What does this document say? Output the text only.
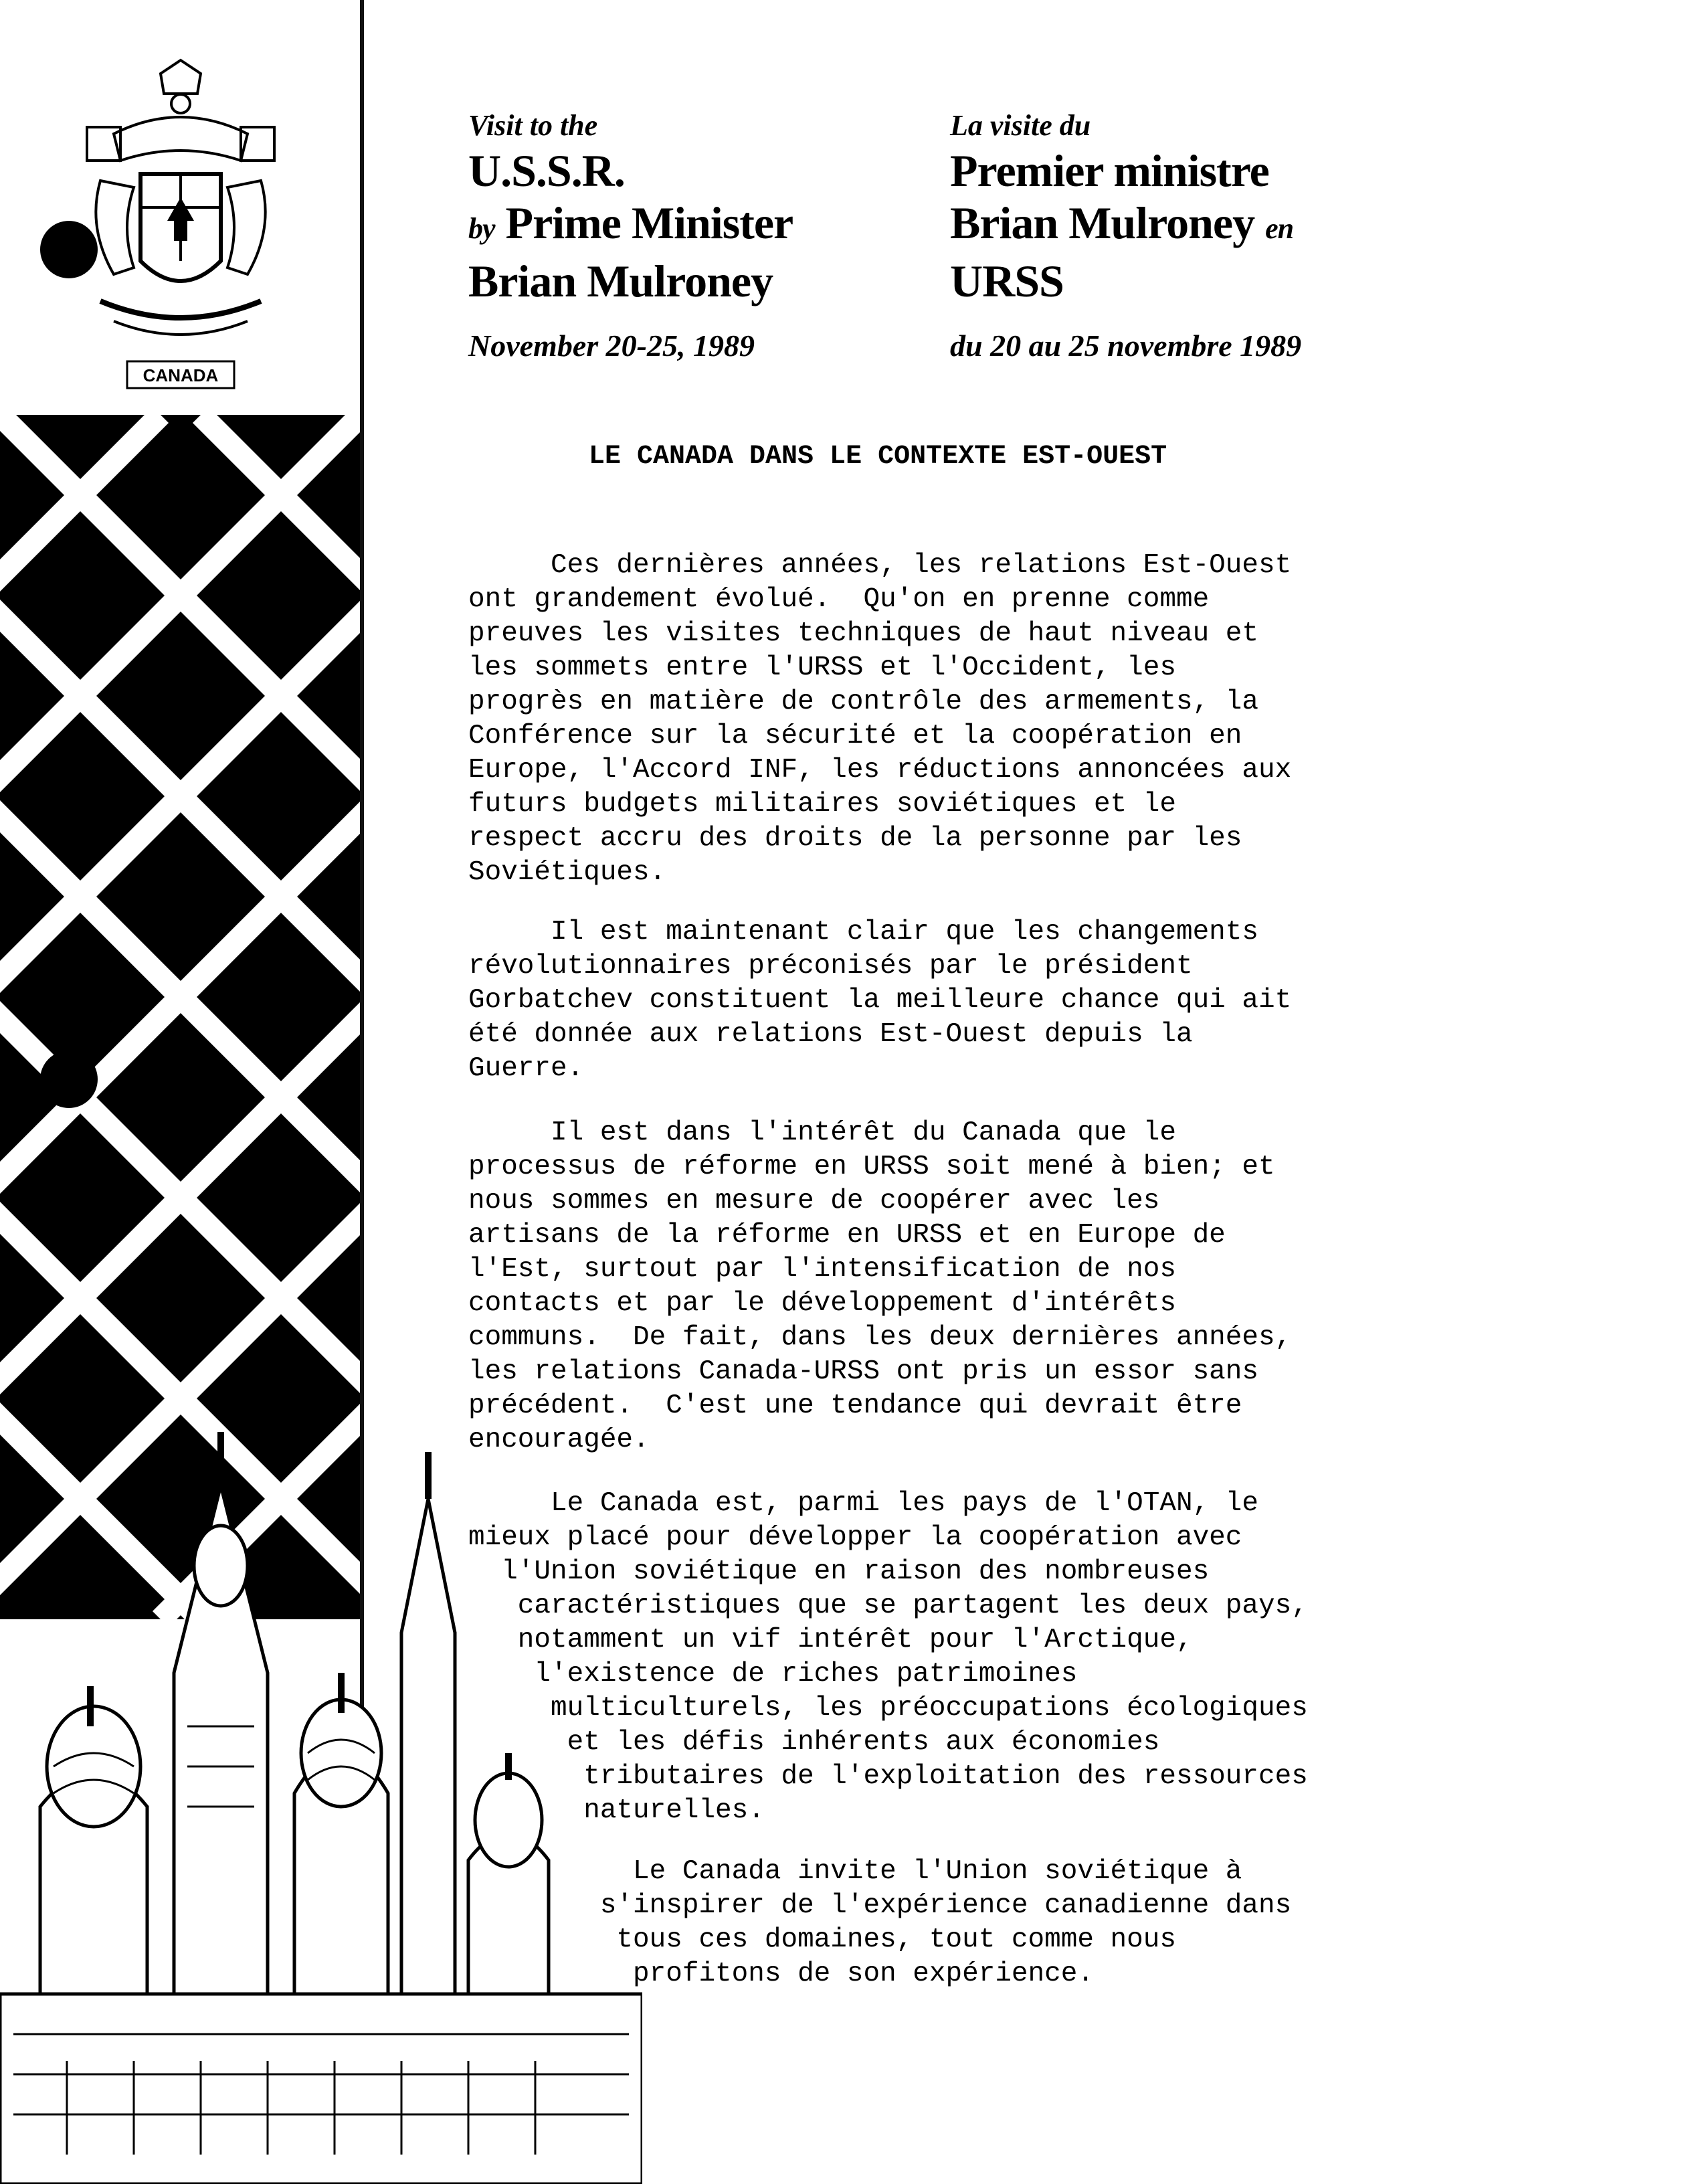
CANADA

Visit to the

U.S.S.R.

by Prime Minister

Brian Mulroney

November 20-25, 1989

La visite du

Premier ministre

Brian Mulroney en

URSS

du 20 au 25 novembre 1989

LE CANADA DANS LE CONTEXTE EST-OUEST
Ces dernières années, les relations Est-Ouest
ont grandement évolué.  Qu'on en prenne comme
preuves les visites techniques de haut niveau et
les sommets entre l'URSS et l'Occident, les
progrès en matière de contrôle des armements, la
Conférence sur la sécurité et la coopération en
Europe, l'Accord INF, les réductions annoncées aux
futurs budgets militaires soviétiques et le
respect accru des droits de la personne par les
Soviétiques.
Il est maintenant clair que les changements
révolutionnaires préconisés par le président
Gorbatchev constituent la meilleure chance qui ait
été donnée aux relations Est-Ouest depuis la
Guerre.
Il est dans l'intérêt du Canada que le
processus de réforme en URSS soit mené à bien; et
nous sommes en mesure de coopérer avec les
artisans de la réforme en URSS et en Europe de
l'Est, surtout par l'intensification de nos
contacts et par le développement d'intérêts
communs.  De fait, dans les deux dernières années,
les relations Canada-URSS ont pris un essor sans
précédent.  C'est une tendance qui devrait être
encouragée.
Le Canada est, parmi les pays de l'OTAN, le
mieux placé pour développer la coopération avec
l'Union soviétique en raison des nombreuses
caractéristiques que se partagent les deux pays,
notamment un vif intérêt pour l'Arctique,
l'existence de riches patrimoines
multiculturels, les préoccupations écologiques
et les défis inhérents aux économies
tributaires de l'exploitation des ressources
naturelles.
Le Canada invite l'Union soviétique à
s'inspirer de l'expérience canadienne dans
tous ces domaines, tout comme nous
profitons de son expérience.
